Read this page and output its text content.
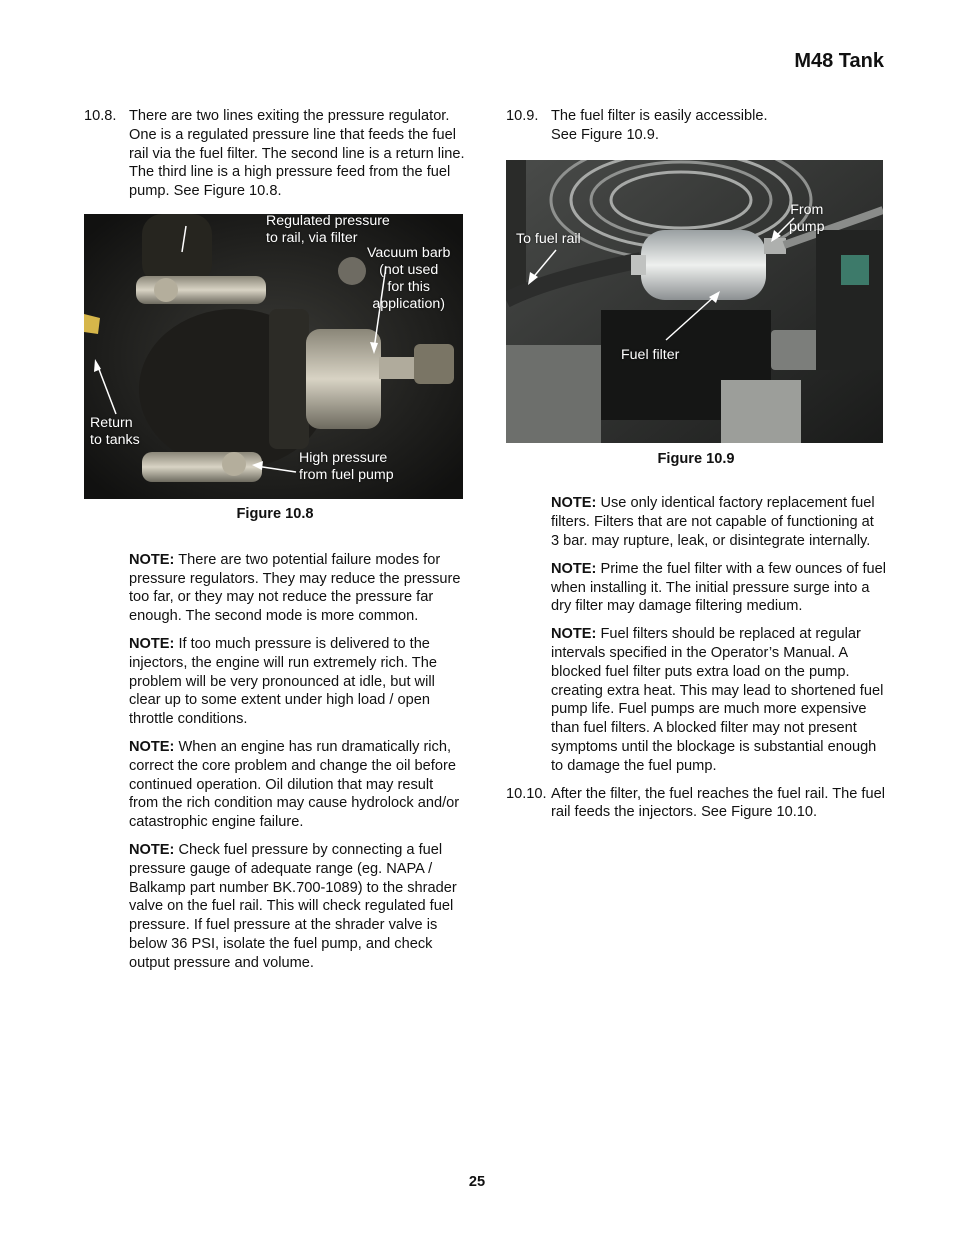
M48 Tank
10.8. There are two lines exiting the pressure regulator. One is a regulated pressure line that feeds the fuel rail via the fuel filter. The second line is a return line. The third line is a high pressure feed from the fuel pump. See Figure 10.8.
Regulated pressure
to rail, via filter
Vacuum barb
(not used
for this
application)
Return
to tanks
High pressure
from fuel pump
Figure 10.8
NOTE: There are two potential failure modes for pressure regulators. They may reduce the pressure too far, or they may not reduce the pressure far enough. The second mode is more common.
NOTE: If too much pressure is delivered to the injectors, the engine will run extremely rich. The problem will be very pronounced at idle, but will clear up to some extent under high load / open throttle conditions.
NOTE: When an engine has run dramatically rich, correct the core problem and change the oil before continued operation. Oil dilution that may result from the rich condition may cause hydrolock and/or catastrophic engine failure.
NOTE: Check fuel pressure by connecting a fuel pressure gauge of adequate range (eg. NAPA / Balkamp part number BK.700-1089) to the shrader valve on the fuel rail. This will check regulated fuel pressure. If fuel pressure at the shrader valve is below 36 PSI, isolate the fuel pump, and check output pressure and volume.
10.9. The fuel filter is easily accessible.
See Figure 10.9.
To fuel rail
From
pump
Fuel filter
Figure 10.9
NOTE: Use only identical factory replacement fuel filters. Filters that are not capable of functioning at 3 bar. may rupture, leak, or disintegrate internally.
NOTE: Prime the fuel filter with a few ounces of fuel when installing it. The initial pressure surge into a dry filter may damage filtering medium.
NOTE: Fuel filters should be replaced at regular intervals specified in the Operator’s Manual. A blocked fuel filter puts extra load on the pump. creating extra heat. This may lead to shortened fuel pump life. Fuel pumps are much more expensive than fuel filters. A blocked filter may not present symptoms until the blockage is substantial enough to damage the fuel pump.
10.10. After the filter, the fuel reaches the fuel rail. The fuel rail feeds the injectors. See Figure 10.10.
25
